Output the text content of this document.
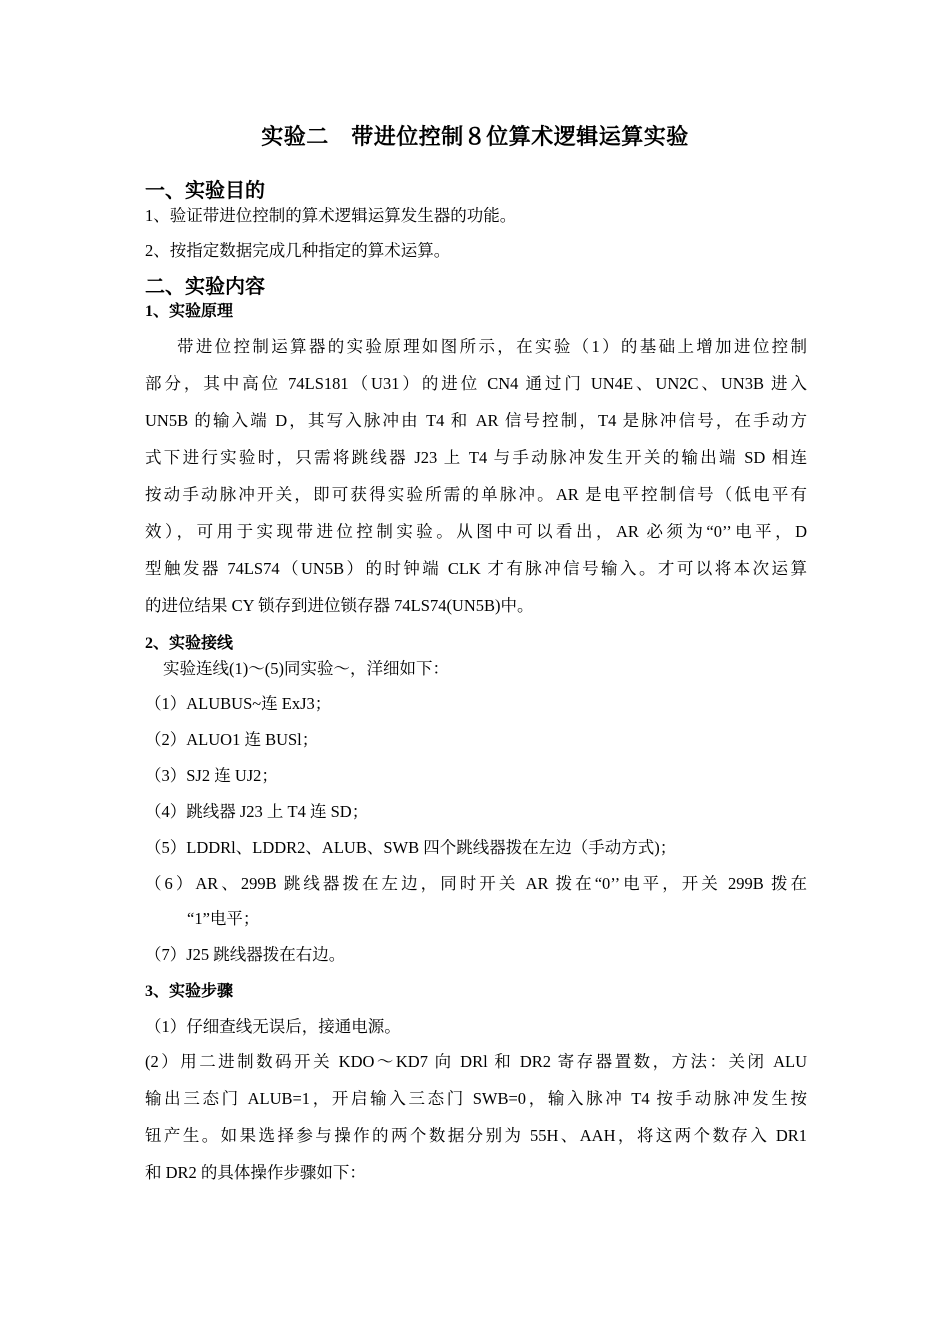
实验二　带进位控制８位算术逻辑运算实验
一、实验目的
1、验证带进位控制的算术逻辑运算发生器的功能。
2、按指定数据完成几种指定的算术运算。
二、实验内容
1、实验原理
带进位控制运算器的实验原理如图所示，在实验（1）的基础上增加进位控制
部分，其中高位 74LS181（U31）的进位 CN4 通过门 UN4E、UN2C、UN3B 进入
UN5B 的输入端 D，其写入脉冲由 T4 和 AR 信号控制，T4 是脉冲信号，在手动方
式下进行实验时，只需将跳线器 J23 上 T4 与手动脉冲发生开关的输出端 SD 相连
按动手动脉冲开关，即可获得实验所需的单脉冲。AR 是电平控制信号（低电平有
效），可用于实现带进位控制实验。从图中可以看出，AR 必须为“0’’电平，D
型触发器 74LS74（UN5B）的时钟端 CLK 才有脉冲信号输入。才可以将本次运算
的进位结果 CY 锁存到进位锁存器 74LS74(UN5B)中。
2、实验接线
实验连线(1)～(5)同实验～，洋细如下：
（1）ALUBUS~连 ExJ3；
（2）ALUO1 连 BUSl；
（3）SJ2 连 UJ2；
（4）跳线器 J23 上 T4 连 SD；
（5）LDDRl、LDDR2、ALUB、SWB 四个跳线器拨在左边（手动方式)；
（6）AR、299B 跳线器拨在左边，同时开关 AR 拨在“0’’电平，开关 299B 拨在
“1”电平；
（7）J25 跳线器拨在右边。
3、实验步骤
（1）仔细查线无误后，接通电源。
(2）用二进制数码开关 KDO～KD7 向 DRl 和 DR2 寄存器置数，方法：关闭 ALU
输出三态门 ALUB=1，开启输入三态门 SWB=0，输入脉冲 T4 按手动脉冲发生按
钮产生。如果选择参与操作的两个数据分别为 55H、AAH，将这两个数存入 DR1
和 DR2 的具体操作步骤如下：
